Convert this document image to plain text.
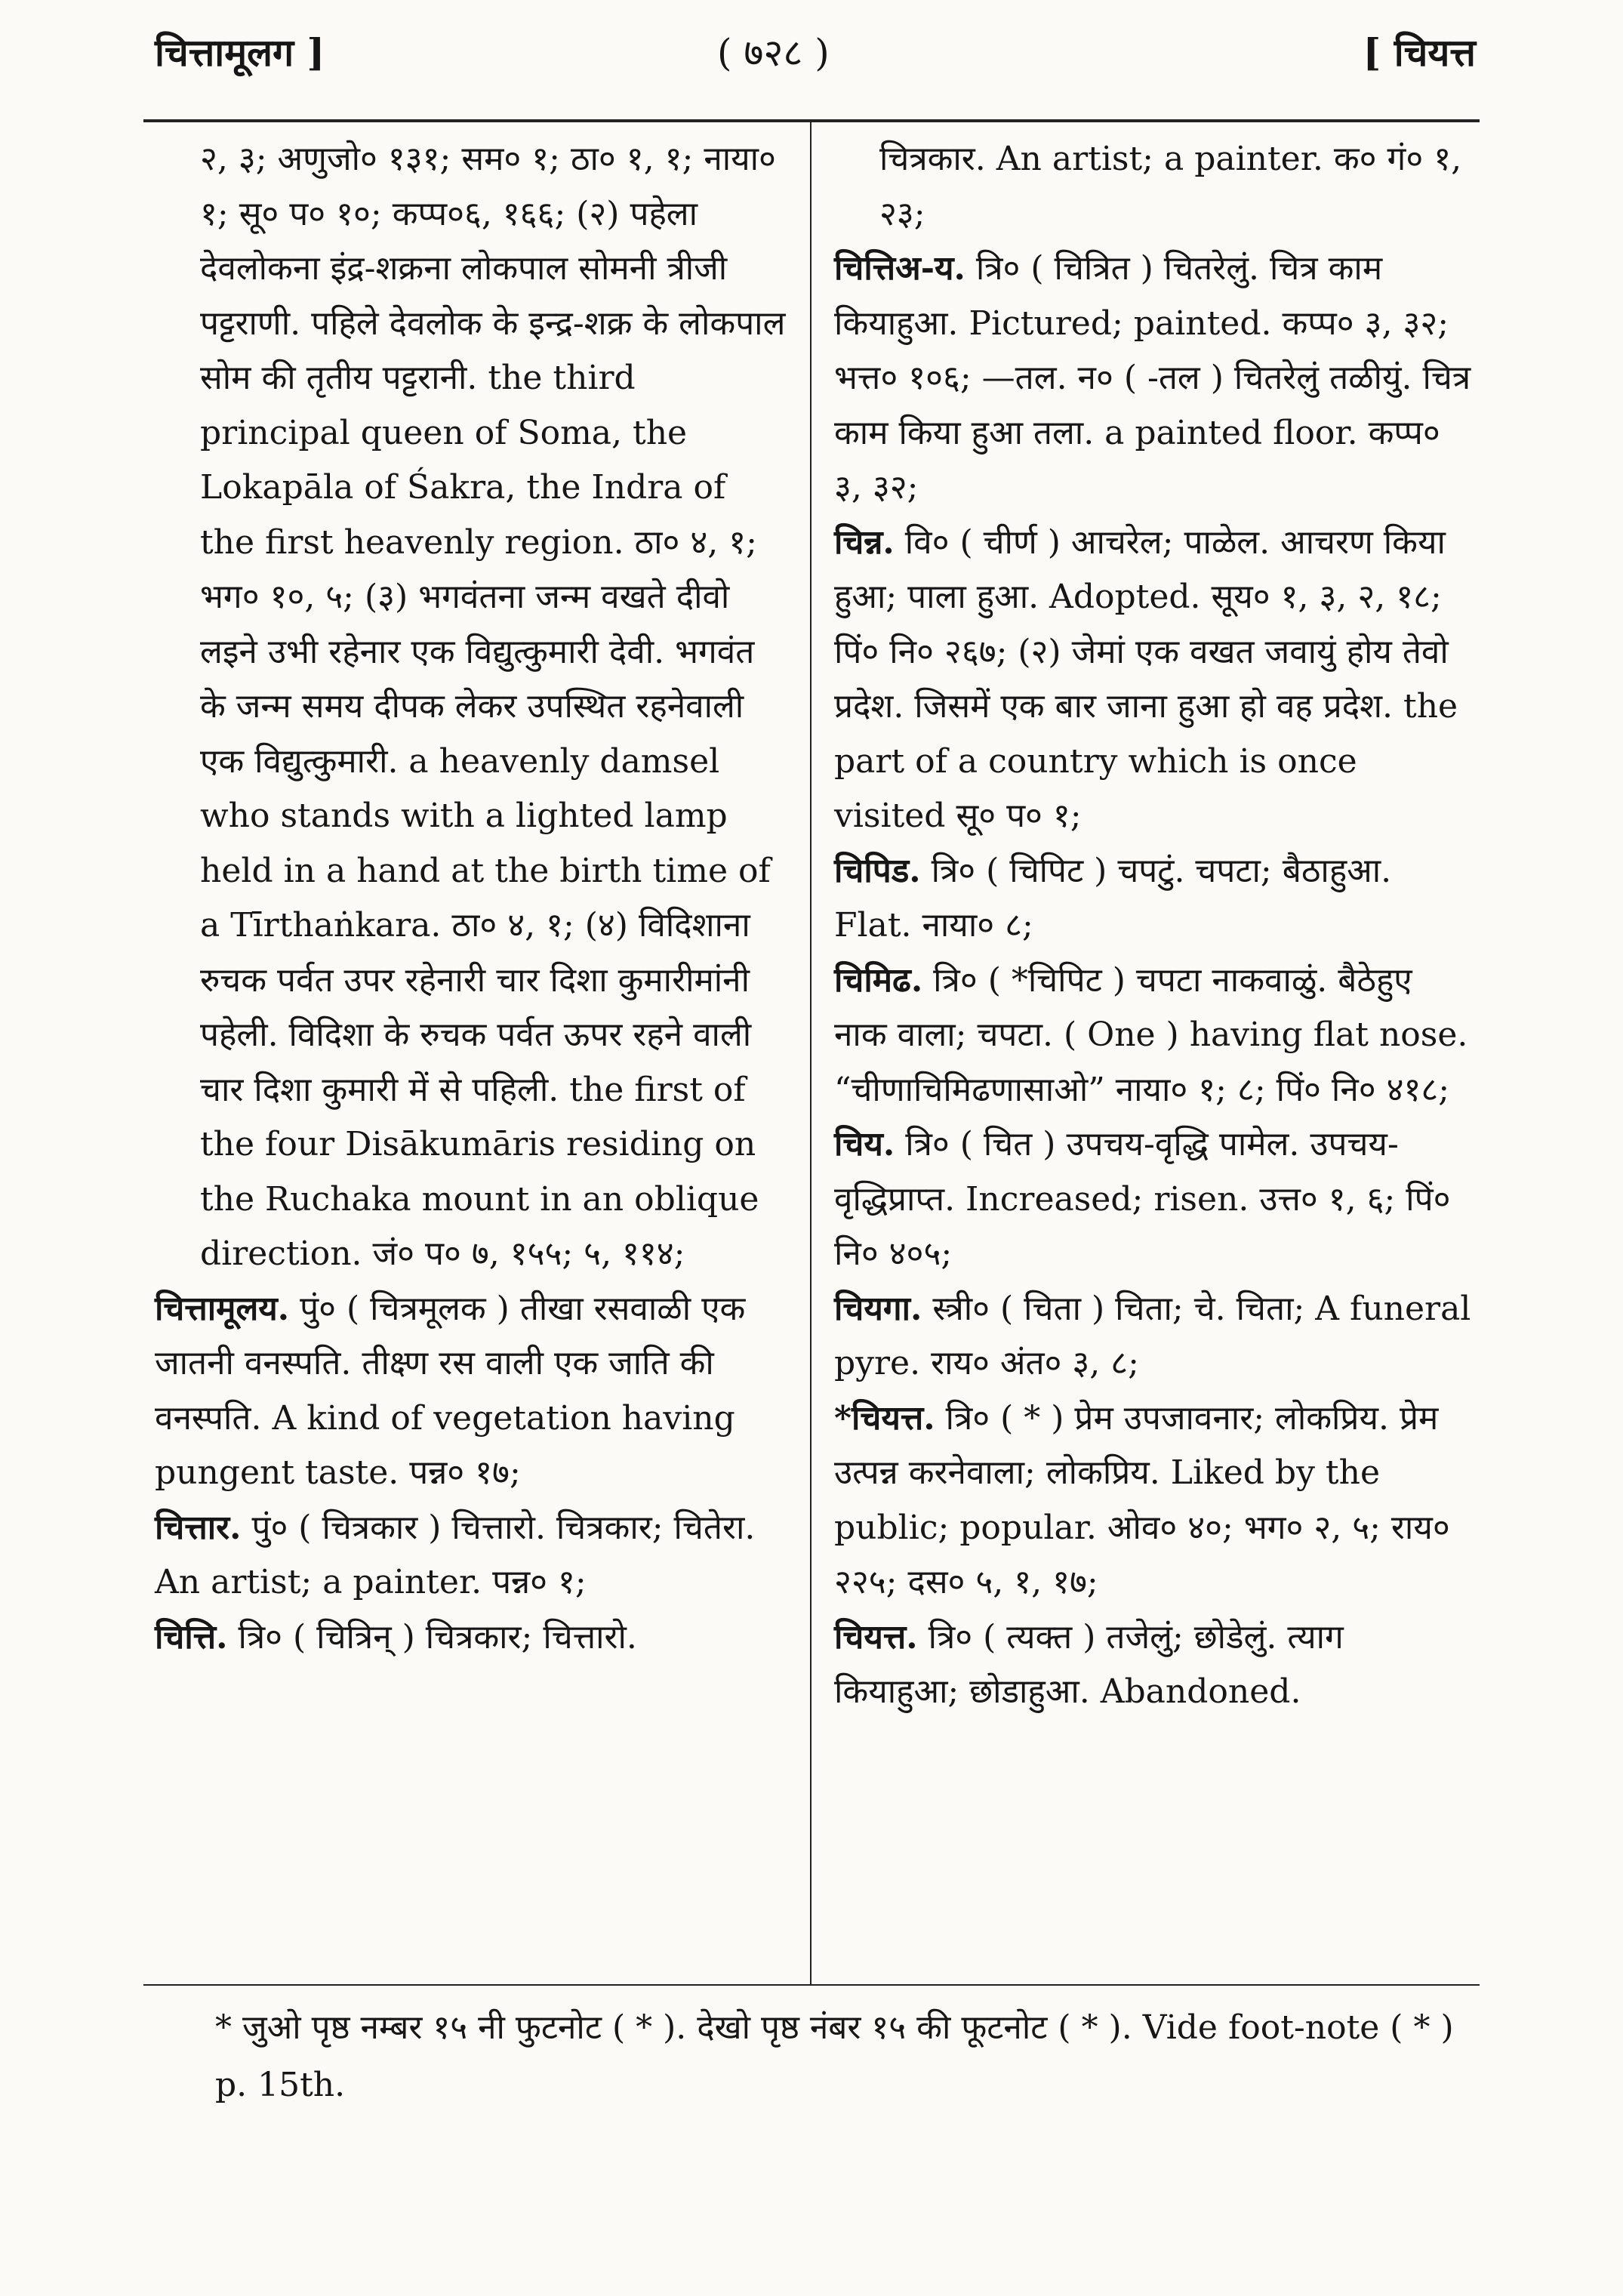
चित्तामूलग ]	( ७२८ )	[ चियत्त

२, ३; अणुजो० १३१; सम० १; ठा० १, १; नाया० १; सू० प० १०; कप्प०६, १६६; (२) पहेला देवलोकना इंद्र-शक्रना लोकपाल सोमनी त्रीजी पट्टराणी. पहिले देवलोक के इन्द्र-शक्र के लोकपाल सोम की तृतीय पट्टरानी. the third principal queen of Soma, the Lokapāla of Śakra, the Indra of the first heavenly region. ठा० ४, १; भग० १०, ५; (३) भगवंतना जन्म वखते दीवो लइने उभी रहेनार एक विद्युत्कुमारी देवी. भगवंत के जन्म समय दीपक लेकर उपस्थित रहनेवाली एक विद्युत्कुमारी. a heavenly damsel who stands with a lighted lamp held in a hand at the birth time of a Tīrthaṅkara. ठा० ४, १; (४) विदिशाना रुचक पर्वत उपर रहेनारी चार दिशा कुमारीमांनी पहेली. विदिशा के रुचक पर्वत ऊपर रहने वाली चार दिशा कुमारी में से पहिली. the first of the four Disākumāris residing on the Ruchaka mount in an oblique direction. जं० प० ७, १५५; ५, ११४;

चित्तामूलय. पुं० ( चित्रमूलक ) तीखा रसवाळी एक जातनी वनस्पति. तीक्ष्ण रस वाली एक जाति की वनस्पति. A kind of vegetation having pungent taste. पन्न० १७;

चित्तार. पुं० ( चित्रकार ) चित्तारो. चित्रकार; चितेरा. An artist; a painter. पन्न० १;

चित्ति. त्रि० ( चित्रिन् ) चित्रकार; चित्तारो.

चित्रकार. An artist; a painter. क० गं० १, २३;

चित्तिअ-य. त्रि० ( चित्रित ) चितरेलुं. चित्र काम कियाहुआ. Pictured; painted. कप्प० ३, ३२; भत्त० १०६; —तल. न० ( -तल ) चितरेलुं तळीयुं. चित्र काम किया हुआ तला. a painted floor. कप्प० ३, ३२;

चिन्न. वि० ( चीर्ण ) आचरेल; पाळेल. आचरण किया हुआ; पाला हुआ. Adopted. सूय० १, ३, २, १८; पिं० नि० २६७; (२) जेमां एक वखत जवायुं होय तेवो प्रदेश. जिसमें एक बार जाना हुआ हो वह प्रदेश. the part of a country which is once visited सू० प० १;

चिपिड. त्रि० ( चिपिट ) चपटुं. चपटा; बैठाहुआ. Flat. नाया० ८;

चिमिढ. त्रि० ( *चिपिट ) चपटा नाकवाळुं. बैठेहुए नाक वाला; चपटा. ( One ) having flat nose. “चीणाचिमिढणासाओ” नाया० १; ८; पिं० नि० ४१८;

चिय. त्रि० ( चित ) उपचय-वृद्धि पामेल. उपचय-वृद्धिप्राप्त. Increased; risen. उत्त० १, ६; पिं० नि० ४०५;

चियगा. स्त्री० ( चिता ) चिता; चे. चिता; A funeral pyre. राय० अंत० ३, ८;

*चियत्त. त्रि० ( * ) प्रेम उपजावनार; लोकप्रिय. प्रेम उत्पन्न करनेवाला; लोकप्रिय. Liked by the public; popular. ओव० ४०; भग० २, ५; राय० २२५; दस० ५, १, १७;

चियत्त. त्रि० ( त्यक्त ) तजेलुं; छोडेलुं. त्याग कियाहुआ; छोडाहुआ. Abandoned.

* जुओ पृष्ठ नम्बर १५ नी फुटनोट ( * ). देखो पृष्ठ नंबर १५ की फूटनोट ( * ). Vide foot-note ( * ) p. 15th.
